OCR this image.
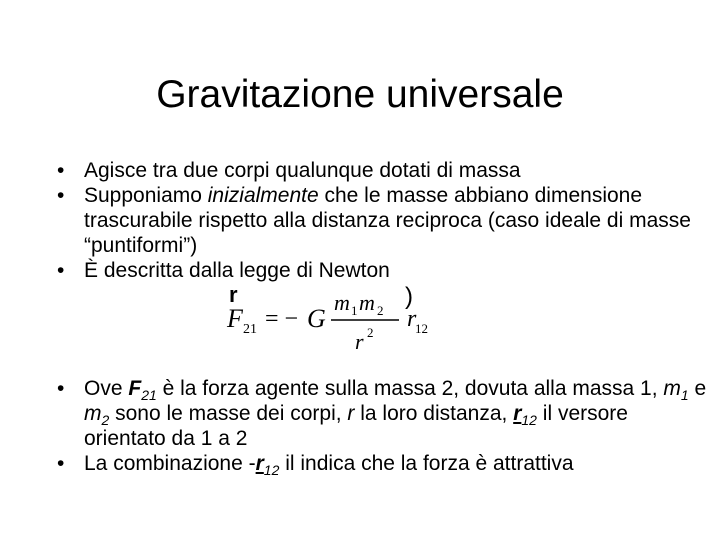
Gravitazione universale
• Agisce tra due corpi qualunque dotati di massa
• Supponiamo inizialmente che le masse abbiano dimensione trascurabile rispetto alla distanza reciproca (caso ideale di masse “puntiformi”)
• È descritta dalla legge di Newton
r
F 21 = − G
m 1 m 2
r 2
)
r
12
• Ove $F_{21}$ è la forza agente sulla massa 2, dovuta alla massa 1, $m_1$ e $m_2$ sono le masse dei corpi, r la loro distanza, $r_{12}$ il versore orientato da 1 a 2
• La combinazione $-r_{12}$ il indica che la forza è attrattiva
